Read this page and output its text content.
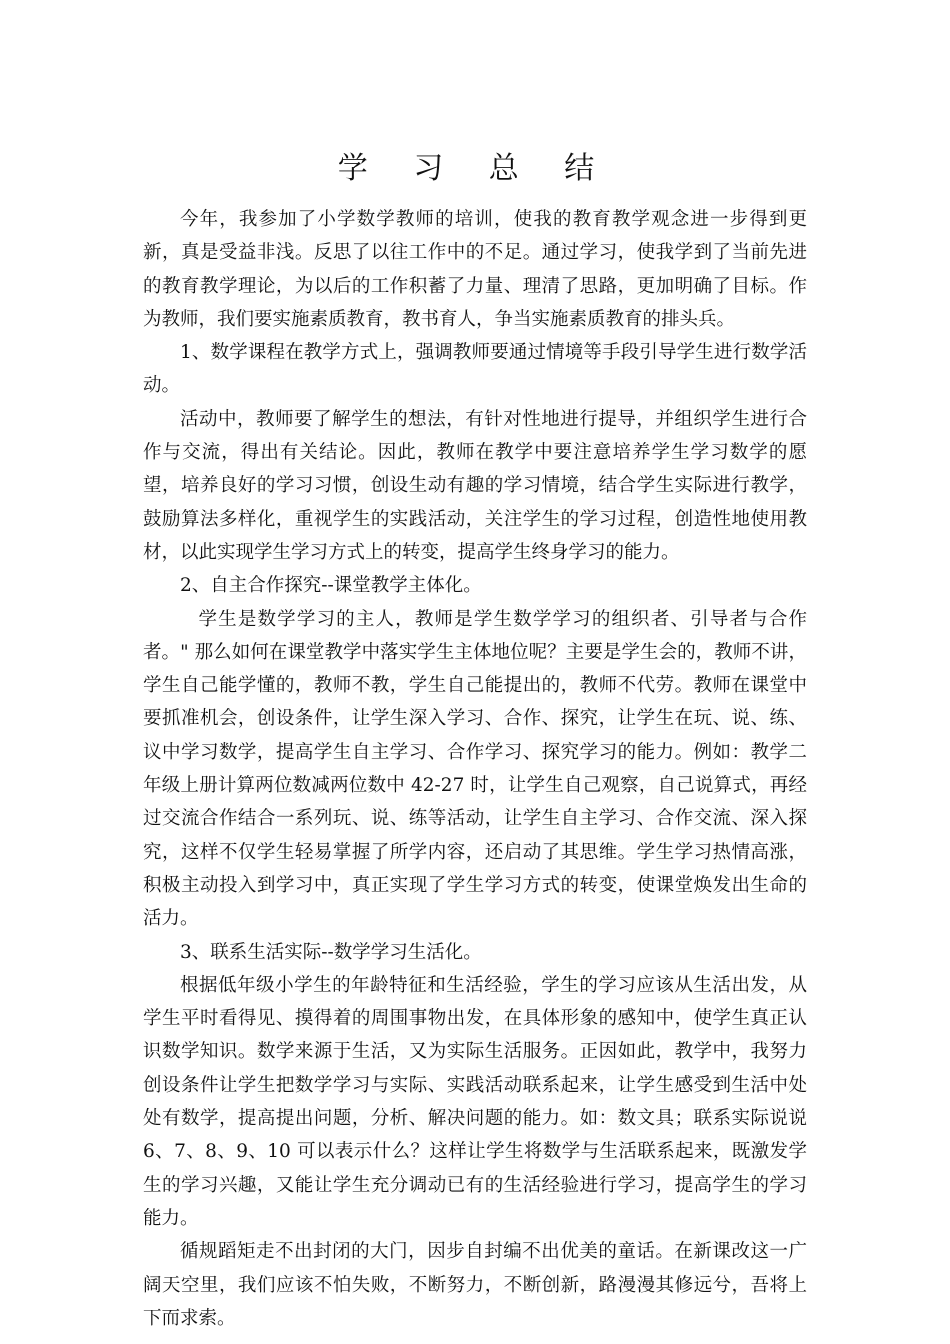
学 习 总 结

今年，我参加了小学数学教师的培训，使我的教育教学观念进一步得到更新，真是受益非浅。反思了以往工作中的不足。通过学习，使我学到了当前先进的教育教学理论，为以后的工作积蓄了力量、理清了思路，更加明确了目标。作为教师，我们要实施素质教育，教书育人，争当实施素质教育的排头兵。

1、数学课程在教学方式上，强调教师要通过情境等手段引导学生进行数学活动。

活动中，教师要了解学生的想法，有针对性地进行提导，并组织学生进行合作与交流，得出有关结论。因此，教师在教学中要注意培养学生学习数学的愿望，培养良好的学习习惯，创设生动有趣的学习情境，结合学生实际进行教学，鼓励算法多样化，重视学生的实践活动，关注学生的学习过程，创造性地使用教材，以此实现学生学习方式上的转变，提高学生终身学习的能力。

2、自主合作探究--课堂教学主体化。

学生是数学学习的主人，教师是学生数学学习的组织者、引导者与合作者。" 那么如何在课堂教学中落实学生主体地位呢？主要是学生会的，教师不讲，学生自己能学懂的，教师不教，学生自己能提出的，教师不代劳。教师在课堂中要抓准机会，创设条件，让学生深入学习、合作、探究，让学生在玩、说、练、议中学习数学，提高学生自主学习、合作学习、探究学习的能力。例如：教学二年级上册计算两位数减两位数中 42-27 时，让学生自己观察，自己说算式，再经过交流合作结合一系列玩、说、练等活动，让学生自主学习、合作交流、深入探究，这样不仅学生轻易掌握了所学内容，还启动了其思维。学生学习热情高涨，积极主动投入到学习中，真正实现了学生学习方式的转变，使课堂焕发出生命的活力。

3、联系生活实际--数学学习生活化。

根据低年级小学生的年龄特征和生活经验，学生的学习应该从生活出发，从学生平时看得见、摸得着的周围事物出发，在具体形象的感知中，使学生真正认识数学知识。数学来源于生活，又为实际生活服务。正因如此，教学中，我努力创设条件让学生把数学学习与实际、实践活动联系起来，让学生感受到生活中处处有数学，提高提出问题，分析、解决问题的能力。如：数文具；联系实际说说 6、7、8、9、10 可以表示什么？这样让学生将数学与生活联系起来，既激发学生的学习兴趣，又能让学生充分调动已有的生活经验进行学习，提高学生的学习能力。

循规蹈矩走不出封闭的大门，因步自封编不出优美的童话。在新课改这一广阔天空里，我们应该不怕失败，不断努力，不断创新，路漫漫其修远兮，吾将上下而求索。
